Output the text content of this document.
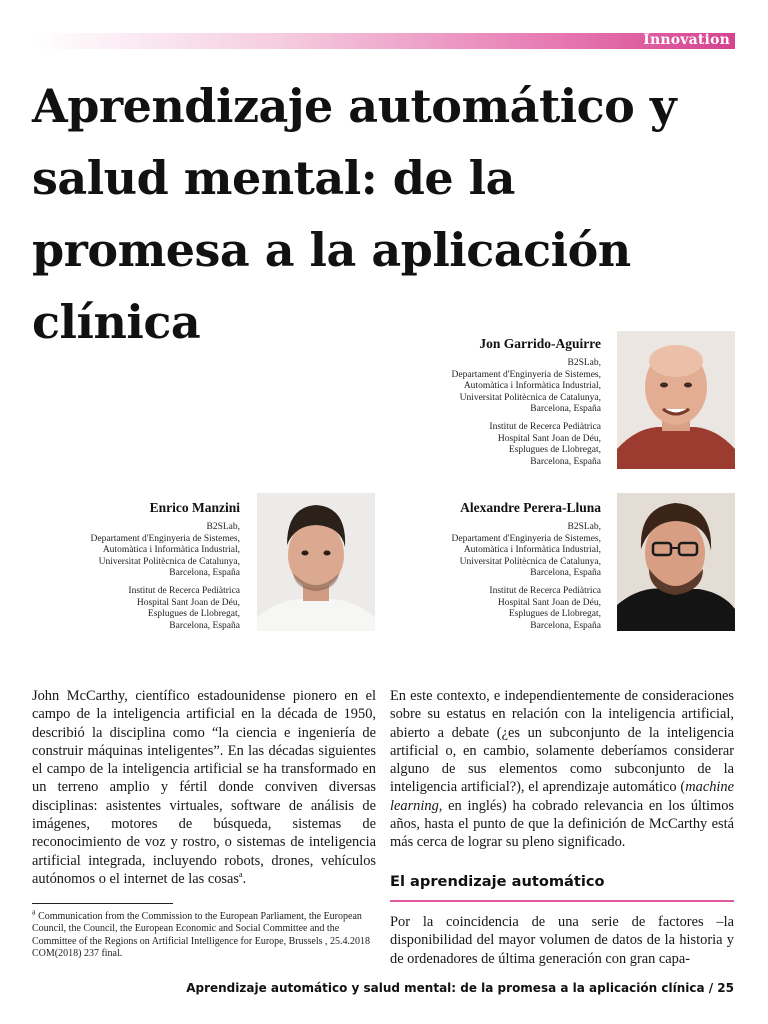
Innovation
Aprendizaje automático y salud mental: de la promesa a la aplicación clínica	Jon Garrido-Aguirre
B2SLab,
Departament d'Enginyeria de Sistemes,
Automàtica i Informàtica Industrial,
Universitat Politècnica de Catalunya,
Barcelona, España
Institut de Recerca Pediàtrica
Hospital Sant Joan de Déu,
Esplugues de Llobregat,
Barcelona, España
Enrico Manzini
B2SLab,
Departament d'Enginyeria de Sistemes,
Automàtica i Informàtica Industrial,
Universitat Politècnica de Catalunya,
Barcelona, España
Institut de Recerca Pediàtrica
Hospital Sant Joan de Déu,
Esplugues de Llobregat,
Barcelona, España
Alexandre Perera-Lluna
B2SLab,
Departament d'Enginyeria de Sistemes,
Automàtica i Informàtica Industrial,
Universitat Politècnica de Catalunya,
Barcelona, España
Institut de Recerca Pediàtrica
Hospital Sant Joan de Déu,
Esplugues de Llobregat,
Barcelona, España

John McCarthy, científico estadounidense pionero en el campo de la inteligencia artificial en la década de 1950, describió la disciplina como “la ciencia e ingeniería de construir máquinas inteligentes”. En las décadas siguientes el campo de la inteligencia artificial se ha transformado en un terreno amplio y fértil donde conviven diversas disciplinas: asistentes virtuales, software de análisis de imágenes, motores de búsqueda, sistemas de reconocimiento de voz y rostro, o sistemas de inteligencia artificial integrada, incluyendo robots, drones, vehículos autónomos o el internet de las cosas$^a$.

$^a$ Communication from the Commission to the European Parliament, the European Council, the Council, the European Economic and Social Committee and the Committee of the Regions on Artificial Intelligence for Europe, Brussels , 25.4.2018 COM(2018) 237 final.

En este contexto, e independientemente de consideraciones sobre su estatus en relación con la inteligencia artificial, abierto a debate (¿es un subconjunto de la inteligencia artificial o, en cambio, solamente deberíamos considerar alguno de sus elementos como subconjunto de la inteligencia artificial?), el aprendizaje automático (machine learning, en inglés) ha cobrado relevancia en los últimos años, hasta el punto de que la definición de McCarthy está más cerca de lograr su pleno significado.

El aprendizaje automático

Por la coincidencia de una serie de factores –la disponibilidad del mayor volumen de datos de la historia y de ordenadores de última generación con gran capa-

Aprendizaje automático y salud mental: de la promesa a la aplicación clínica / 25
